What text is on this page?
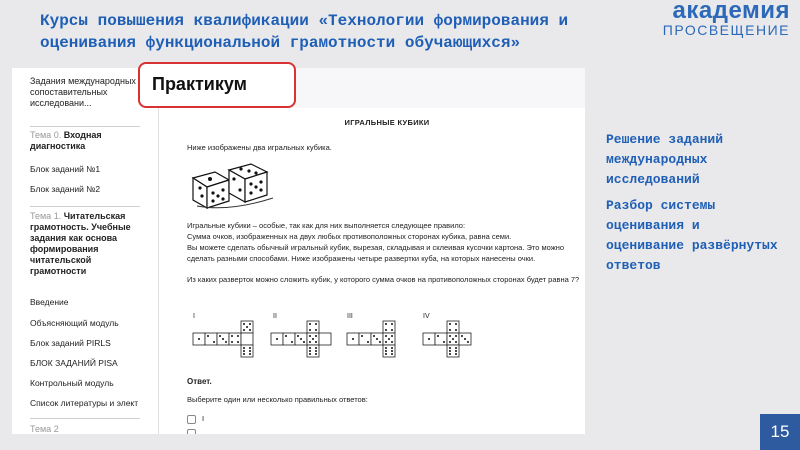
Курсы повышения квалификации «Технологии формирования и оценивания функциональной грамотности обучающихся»
академия
ПРОСВЕЩЕНИЕ
Задания международных сопоставительных исследовани...
Тема 0. Входная диагностика
Блок заданий №1
Блок заданий №2
Тема 1. Читательская грамотность. Учебные задания как основа формирования читательской грамотности
Введение
Объясняющий модуль
Блок заданий PIRLS
БЛОК ЗАДАНИЙ PISA
Контрольный модуль
Список литературы и элект
Тема 2
ИГРАЛЬНЫЕ КУБИКИ
Ниже изображены два игральных кубика.
Игральные кубики – особые, так как для них выполняется следующее правило:
Сумма очков, изображенных на двух любых противоположных сторонах кубика, равна семи.
Вы можете сделать обычный игральный кубик, вырезая, складывая и склеивая кусочки картона. Это можно сделать разными способами. Ниже изображены четыре развертки куба, на которых нанесены очки.
Из каких разверток можно сложить кубик, у которого сумма очков на противоположных сторонах будет равна 7?
I	II	III	IV
Ответ.
Выберите один или несколько правильных ответов:
I
Практикум
Решение заданий международных исследований
Разбор системы оценивания и оценивание развёрнутых ответов
15
